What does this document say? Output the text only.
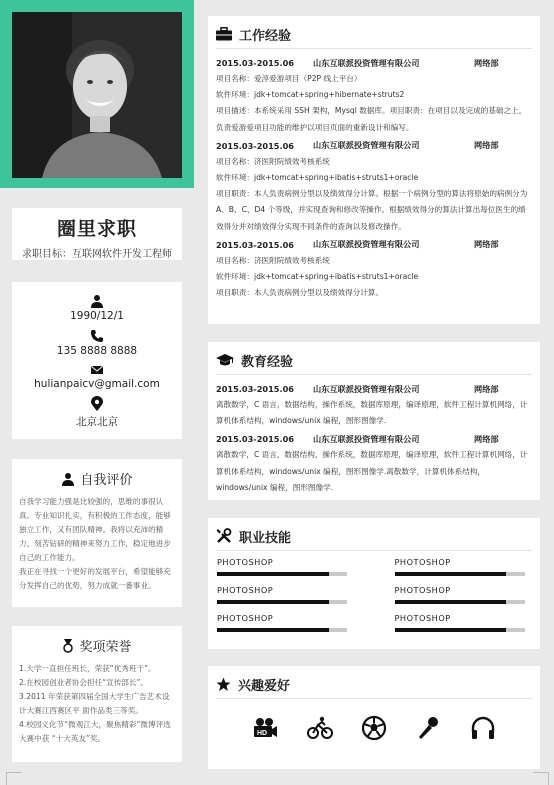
圈里求职
求职目标：互联网软件开发工程师
1990/12/1
135 8888 8888
hulianpaicv@gmail.com
北京北京
自我评价

自我学习能力强是比较强的，思维的事很认真。专业知识扎实，有积极的工作态度，能够独立工作，又有团队精神。我将以充沛的精力，刻苦钻研的精神来努力工作，稳定地进步自己的工作能力。

我正在寻找一个更好的发展平台，希望能够充分发挥自己的优势，努力成就一番事业。

奖项荣誉

1.大学一直担任班长，荣获“优秀班干”。

2.在校园创业者协会担任“宣传部长”。

3.2011 年荣获第四届全国大学生广告艺术设计大赛江西赛区平 面作品类三等奖。

4.校园义化节“微观江大，聚焦精彩”微博评选大赛中获 “十大英友”奖。

工作经验
2015.03-2015.06	山东互联派投资管理有限公司	网络部
项目名称：爱淳爱游项目（P2P 线上平台）
软件环境：jdk+tomcat+spring+hibernate+struts2
项目描述：本系统采用 SSH 架构，Mysql 数据库。项目职责：在项目以及完成的基础之上，负责爱游爱项目功能的维护以项目页面的重新设计和编写。
2015.03-2015.06	山东互联派投资管理有限公司	网络部
项目名称：济医附院绩效考核系统
软件环境：jdk+tomcat+spring+ibatis+struts1+oracle
项目职责：本人负责病例分型以及绩效得分计算。根据一个病例分型的算法将原始的病例分为 A、B、C、D4 个等级，并实现查询和修改等操作。根据绩效得分的算法计算出每位医生的绩效得分并对绩效得分实现不同条件的查询以及修改操作。
2015.03-2015.06	山东互联派投资管理有限公司	网络部
项目名称：济医附院绩效考核系统
软件环境：jdk+tomcat+spring+ibatis+struts1+oracle
项目职责：本人负责病例分型以及绩效得分计算。
教育经验
2015.03-2015.06	山东互联派投资管理有限公司	网络部
离散数学，C 语言，数据结构，操作系统，数据库原理，编译原理，软件工程计算机网络，计算机体系结构，windows/unix 编程，图形图像学.
2015.03-2015.06	山东互联派投资管理有限公司	网络部
离散数学，C 语言，数据结构，操作系统，数据库原理，编译原理，软件工程计算机网络，计算机体系结构，windows/unix 编程，图形图像学.离散数学，计算机体系结构，windows/unix 编程，图形图像学.
职业技能
PHOTOSHOP	PHOTOSHOP
PHOTOSHOP	PHOTOSHOP
PHOTOSHOP	PHOTOSHOP
兴趣爱好
HD
